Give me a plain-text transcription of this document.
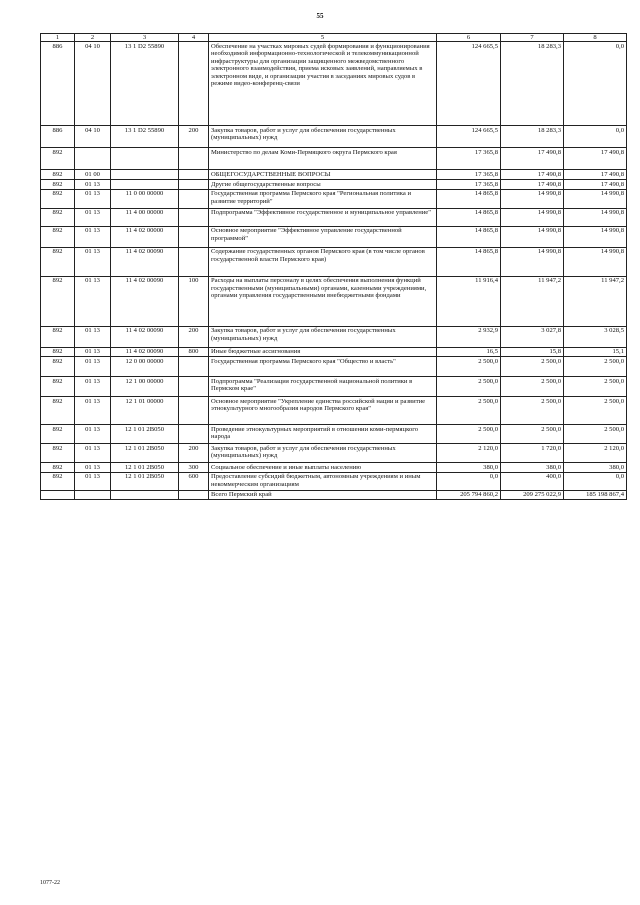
55
1	2	3	4	5	6	7	8
886	04 10	13 1 D2 55890		Обеспечение на участках мировых судей формирования и функционирования необходимой информационно-технологической и телекоммуникационной инфраструктуры для организации защищенного межведомственного электронного взаимодействия, приема исковых заявлений, направляемых в электронном виде, и организации участия в заседаниях мировых судов в режиме видео-конференц-связи	124 665,5	18 283,3	0,0
886	04 10	13 1 D2 55890	200	Закупка товаров, работ и услуг для обеспечения государственных (муниципальных) нужд	124 665,5	18 283,3	0,0
892				Министерство по делам Коми-Пермяцкого округа Пермского края	17 365,8	17 490,8	17 490,8
892	01 00			ОБЩЕГОСУДАРСТВЕННЫЕ ВОПРОСЫ	17 365,8	17 490,8	17 490,8
892	01 13			Другие общегосударственные вопросы	17 365,8	17 490,8	17 490,8
892	01 13	11 0 00 00000		Государственная программа Пермского края "Региональная политика и развитие территорий"	14 865,8	14 990,8	14 990,8
892	01 13	11 4 00 00000		Подпрограмма "Эффективное государственное и муниципальное управление"	14 865,8	14 990,8	14 990,8
892	01 13	11 4 02 00000		Основное мероприятие "Эффективное управление государственной программой"	14 865,8	14 990,8	14 990,8
892	01 13	11 4 02 00090		Содержание государственных органов Пермского края (в том числе органов государственной власти Пермского края)	14 865,8	14 990,8	14 990,8
892	01 13	11 4 02 00090	100	Расходы на выплаты персоналу в целях обеспечения выполнения функций государственными (муниципальными) органами, казенными учреждениями, органами управления государственными внебюджетными фондами	11 916,4	11 947,2	11 947,2
892	01 13	11 4 02 00090	200	Закупка товаров, работ и услуг для обеспечения государственных (муниципальных) нужд	2 932,9	3 027,8	3 028,5
892	01 13	11 4 02 00090	800	Иные бюджетные ассигнования	16,5	15,8	15,1
892	01 13	12 0 00 00000		Государственная программа Пермского края "Общество и власть"	2 500,0	2 500,0	2 500,0
892	01 13	12 1 00 00000		Подпрограмма "Реализация государственной национальной политики в Пермском крае"	2 500,0	2 500,0	2 500,0
892	01 13	12 1 01 00000		Основное мероприятие "Укрепление единства российской нации и развитие этнокультурного многообразия народов Пермского края"	2 500,0	2 500,0	2 500,0
892	01 13	12 1 01 2B050		Проведение этнокультурных мероприятий в отношении коми-пермяцкого народа	2 500,0	2 500,0	2 500,0
892	01 13	12 1 01 2B050	200	Закупка товаров, работ и услуг для обеспечения государственных (муниципальных) нужд	2 120,0	1 720,0	2 120,0
892	01 13	12 1 01 2B050	300	Социальное обеспечение и иные выплаты населению	380,0	380,0	380,0
892	01 13	12 1 01 2B050	600	Предоставление субсидий бюджетным, автономным учреждениям и иным некоммерческим организациям	0,0	400,0	0,0
				Всего Пермский край	205 794 860,2	209 275 022,9	185 198 867,4
1077-22
